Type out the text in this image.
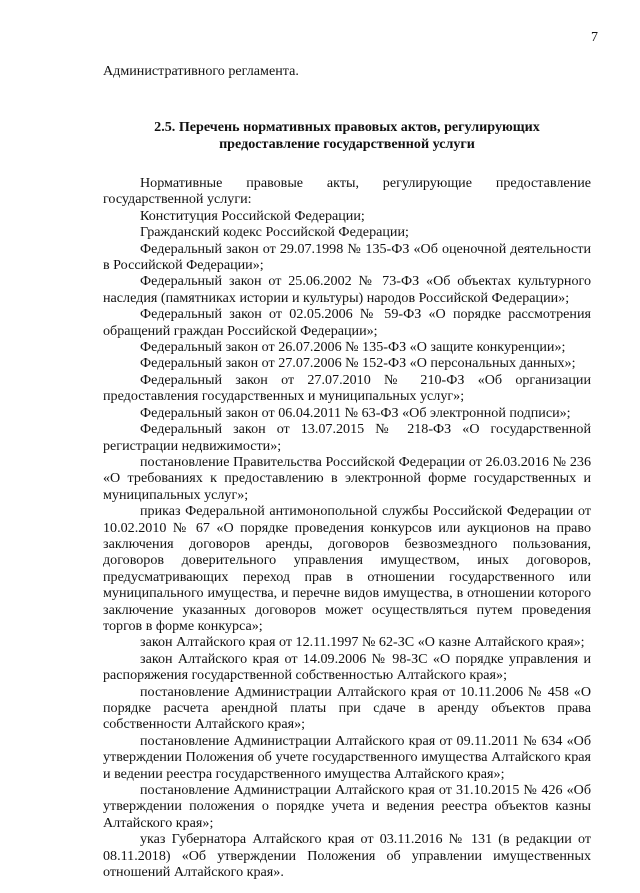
7

Административного регламента.

2.5. Перечень нормативных правовых актов, регулирующих предоставление государственной услуги

Нормативные правовые акты, регулирующие предоставление государственной услуги:

Конституция Российской Федерации;

Гражданский кодекс Российской Федерации;

Федеральный закон от 29.07.1998 № 135-ФЗ «Об оценочной деятельности в Российской Федерации»;

Федеральный закон от 25.06.2002 № 73-ФЗ «Об объектах культурного наследия (памятниках истории и культуры) народов Российской Федерации»;

Федеральный закон от 02.05.2006 № 59-ФЗ «О порядке рассмотрения обращений граждан Российской Федерации»;

Федеральный закон от 26.07.2006 № 135-ФЗ «О защите конкуренции»;

Федеральный закон от 27.07.2006 № 152-ФЗ «О персональных данных»;

Федеральный закон от 27.07.2010 № 210-ФЗ «Об организации предоставления государственных и муниципальных услуг»;

Федеральный закон от 06.04.2011 № 63-ФЗ «Об электронной подписи»;

Федеральный закон от 13.07.2015 № 218-ФЗ «О государственной регистрации недвижимости»;

постановление Правительства Российской Федерации от 26.03.2016 № 236 «О требованиях к предоставлению в электронной форме государственных и муниципальных услуг»;

приказ Федеральной антимонопольной службы Российской Федерации от 10.02.2010 № 67 «О порядке проведения конкурсов или аукционов на право заключения договоров аренды, договоров безвозмездного пользования, договоров доверительного управления имуществом, иных договоров, предусматривающих переход прав в отношении государственного или муниципального имущества, и перечне видов имущества, в отношении которого заключение указанных договоров может осуществляться путем проведения торгов в форме конкурса»;

закон Алтайского края от 12.11.1997 № 62-ЗС «О казне Алтайского края»;

закон Алтайского края от 14.09.2006 № 98-ЗС «О порядке управления и распоряжения государственной собственностью Алтайского края»;

постановление Администрации Алтайского края от 10.11.2006 № 458 «О порядке расчета арендной платы при сдаче в аренду объектов права собственности Алтайского края»;

постановление Администрации Алтайского края от 09.11.2011 № 634 «Об утверждении Положения об учете государственного имущества Алтайского края и ведении реестра государственного имущества Алтайского края»;

постановление Администрации Алтайского края от 31.10.2015 № 426 «Об утверждении положения о порядке учета и ведения реестра объектов казны Алтайского края»;

указ Губернатора Алтайского края от 03.11.2016 № 131 (в редакции от 08.11.2018) «Об утверждении Положения об управлении имущественных отношений Алтайского края».
